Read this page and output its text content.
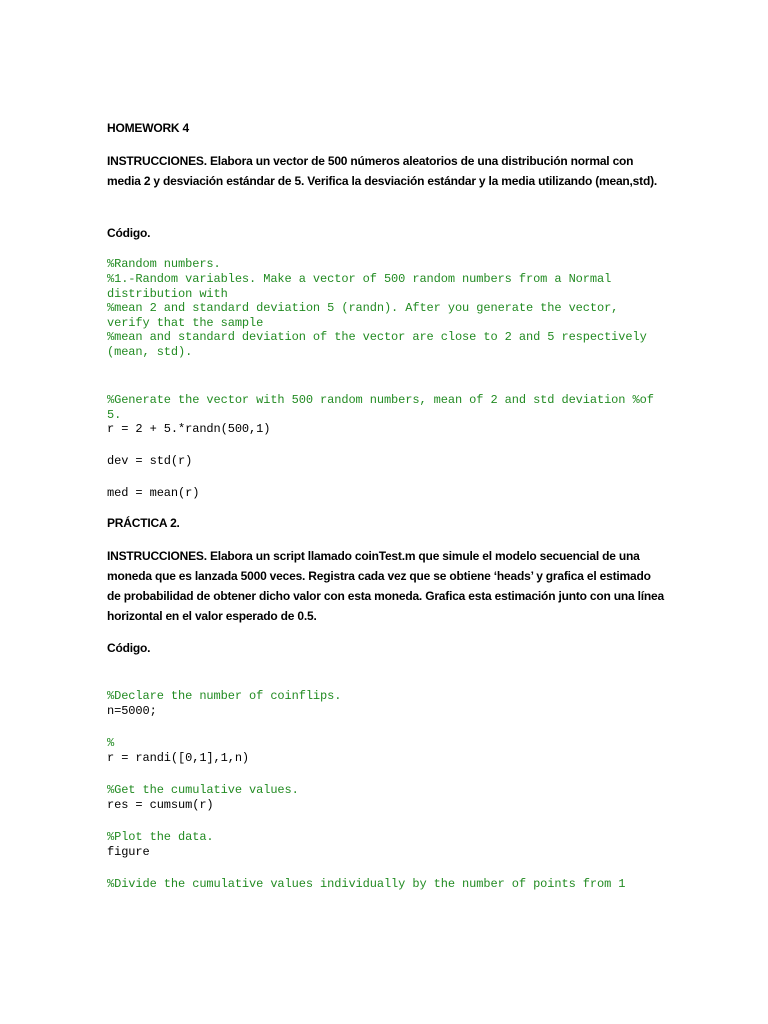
HOMEWORK 4
INSTRUCCIONES. Elabora un vector de 500 números aleatorios de una distribución normal con media 2 y desviación estándar de 5. Verifica la desviación estándar y la media utilizando (mean,std).
Código.
%Random numbers.
%1.-Random variables. Make a vector of 500 random numbers from a Normal distribution with
%mean 2 and standard deviation 5 (randn). After you generate the vector, verify that the sample
%mean and standard deviation of the vector are close to 2 and 5 respectively (mean, std).
%Generate the vector with 500 random numbers, mean of 2 and std deviation %of 5.
r = 2 + 5.*randn(500,1)
dev = std(r)
med = mean(r)
PRÁCTICA 2.
INSTRUCCIONES. Elabora un script llamado coinTest.m que simule el modelo secuencial de una moneda que es lanzada 5000 veces. Registra cada vez que se obtiene ‘heads’ y grafica el estimado de probabilidad de obtener dicho valor con esta moneda. Grafica esta estimación junto con una línea horizontal en el valor esperado de 0.5.
Código.
%Declare the number of coinflips.
n=5000;
%
r = randi([0,1],1,n)
%Get the cumulative values.
res = cumsum(r)
%Plot the data.
figure
%Divide the cumulative values individually by the number of points from 1
